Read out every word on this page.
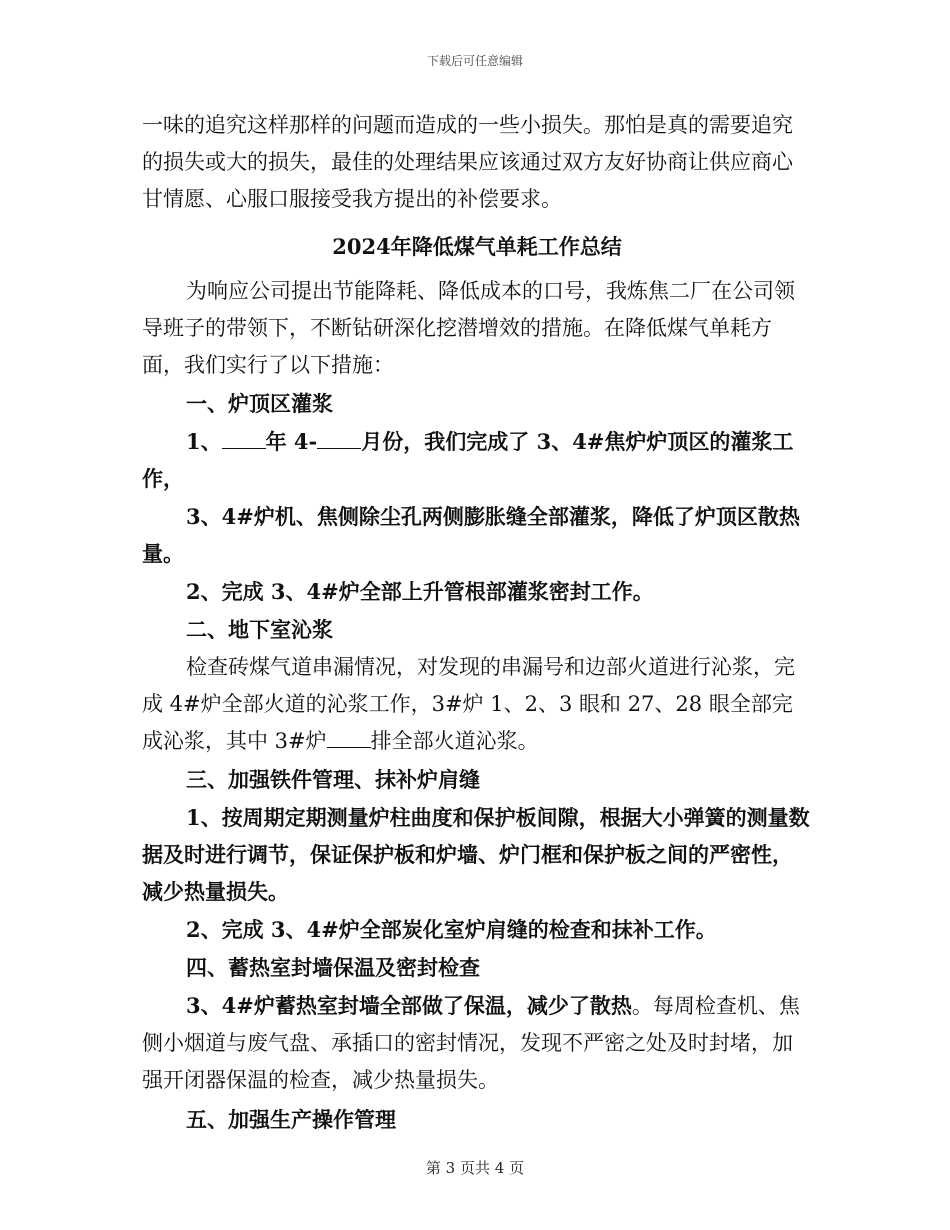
下载后可任意编辑

一味的追究这样那样的问题而造成的一些小损失。那怕是真的需要追究的损失或大的损失，最佳的处理结果应该通过双方友好协商让供应商心甘情愿、心服口服接受我方提出的补偿要求。

2024年降低煤气单耗工作总结

为响应公司提出节能降耗、降低成本的口号，我炼焦二厂在公司领导班子的带领下，不断钻研深化挖潜增效的措施。在降低煤气单耗方面，我们实行了以下措施：

一、炉顶区灌浆

1、 年 4- 月份，我们完成了 3、4#焦炉炉顶区的灌浆工作，

3、4#炉机、焦侧除尘孔两侧膨胀缝全部灌浆，降低了炉顶区散热量。

2、完成 3、4#炉全部上升管根部灌浆密封工作。

二、地下室沁浆

检查砖煤气道串漏情况，对发现的串漏号和边部火道进行沁浆，完成 4#炉全部火道的沁浆工作，3#炉 1、2、3 眼和 27、28 眼全部完成沁浆，其中 3#炉 排全部火道沁浆。

三、加强铁件管理、抹补炉肩缝

1、按周期定期测量炉柱曲度和保护板间隙，根据大小弹簧的测量数据及时进行调节，保证保护板和炉墙、炉门框和保护板之间的严密性，减少热量损失。

2、完成 3、4#炉全部炭化室炉肩缝的检查和抹补工作。

四、蓄热室封墙保温及密封检查

3、4#炉蓄热室封墙全部做了保温，减少了散热。每周检查机、焦侧小烟道与废气盘、承插口的密封情况，发现不严密之处及时封堵，加强开闭器保温的检查，减少热量损失。

五、加强生产操作管理

第 3 页共 4 页
